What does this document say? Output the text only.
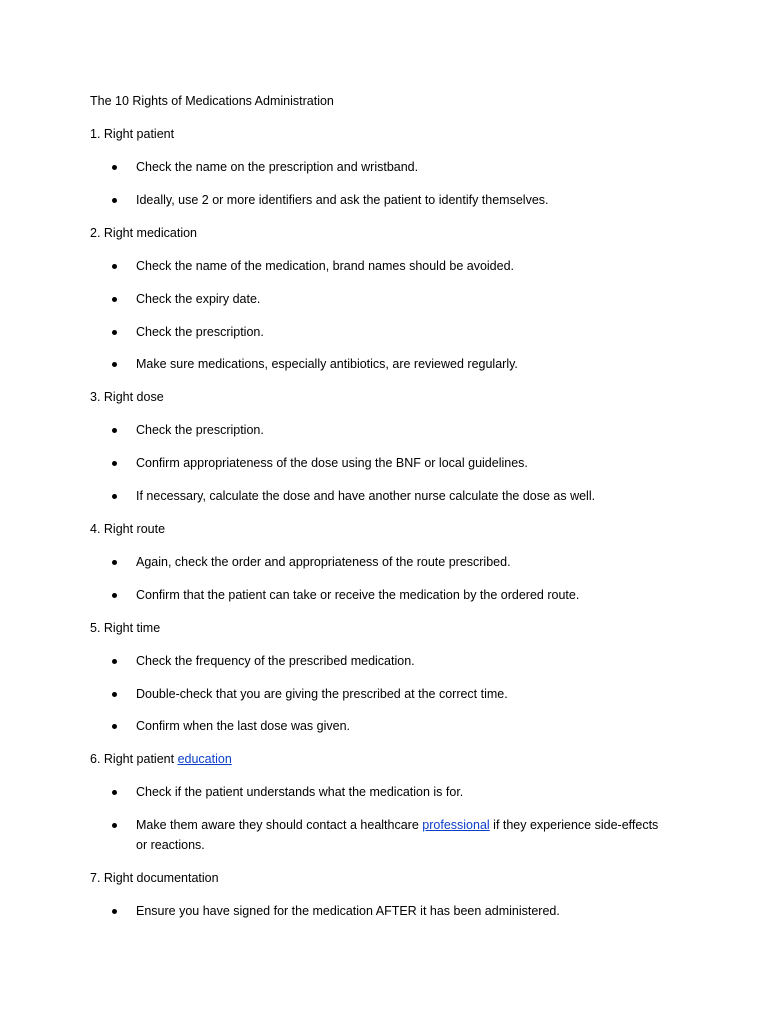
The 10 Rights of Medications Administration
1. Right patient
Check the name on the prescription and wristband.
Ideally, use 2 or more identifiers and ask the patient to identify themselves.
2. Right medication
Check the name of the medication, brand names should be avoided.
Check the expiry date.
Check the prescription.
Make sure medications, especially antibiotics, are reviewed regularly.
3. Right dose
Check the prescription.
Confirm appropriateness of the dose using the BNF or local guidelines.
If necessary, calculate the dose and have another nurse calculate the dose as well.
4. Right route
Again, check the order and appropriateness of the route prescribed.
Confirm that the patient can take or receive the medication by the ordered route.
5. Right time
Check the frequency of the prescribed medication.
Double-check that you are giving the prescribed at the correct time.
Confirm when the last dose was given.
6. Right patient education
Check if the patient understands what the medication is for.
Make them aware they should contact a healthcare professional if they experience side-effects
or reactions.
7. Right documentation
Ensure you have signed for the medication AFTER it has been administered.
